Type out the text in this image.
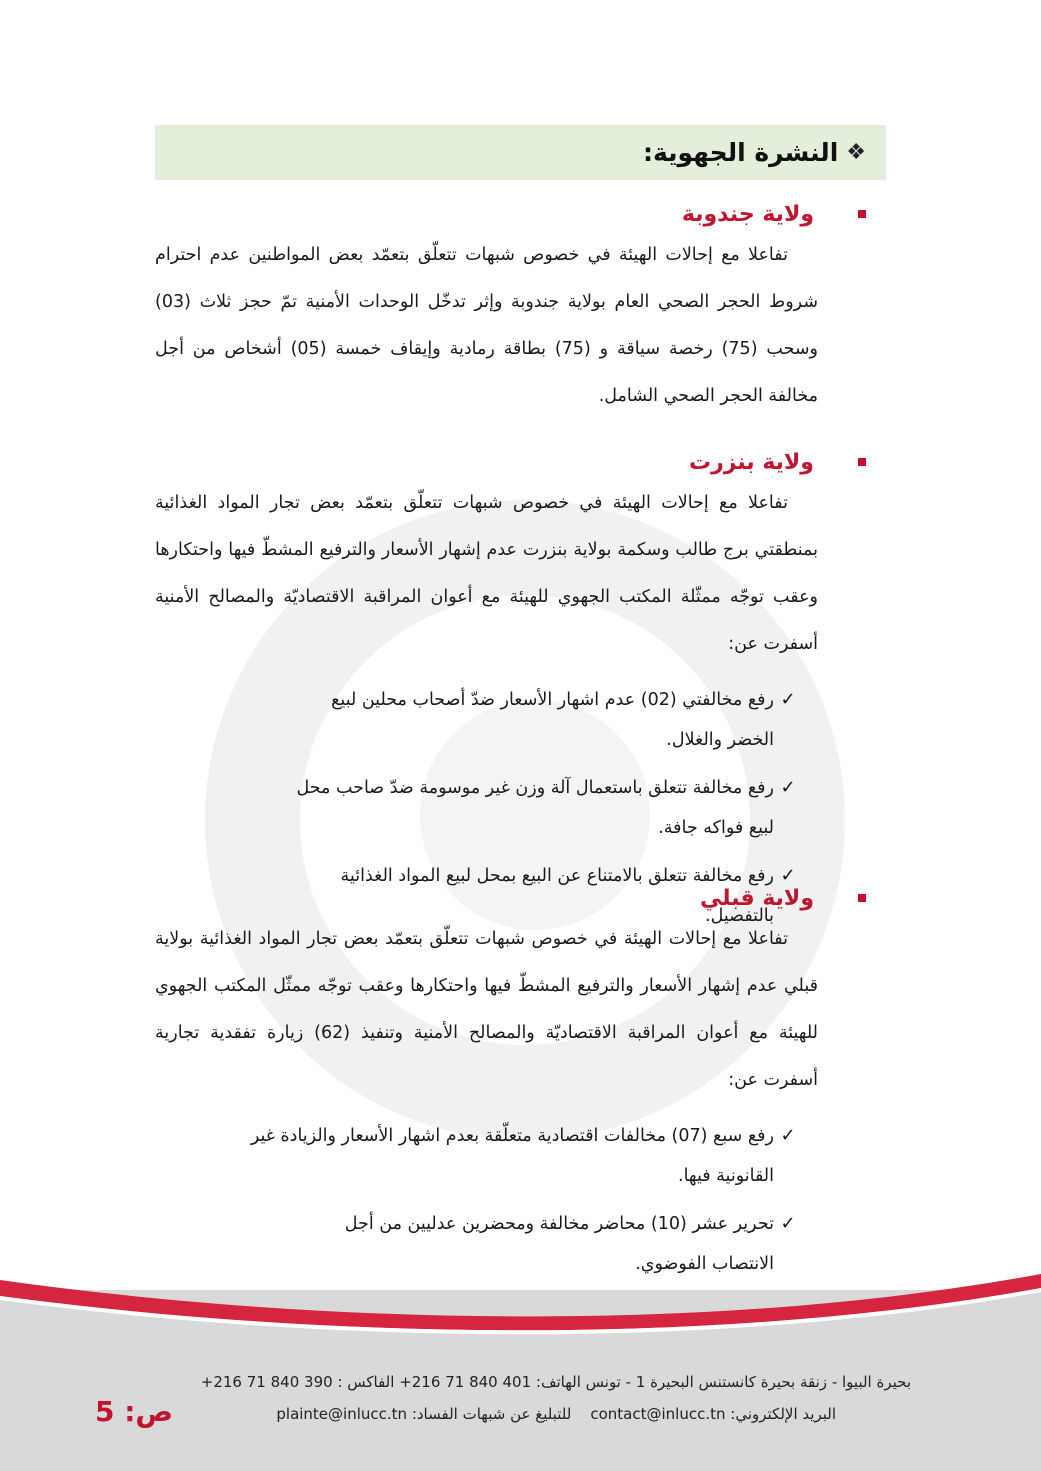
❖
النشرة الجهوية:
ولاية جندوبة

تفاعلا مع إحالات الهيئة في خصوص شبهات تتعلّق بتعمّد بعض المواطنين عدم احترام شروط الحجر الصحي العام بولاية جندوبة وإثر تدخّل الوحدات الأمنية تمّ حجز ثلاث (03) وسحب (75) رخصة سياقة و (75) بطاقة رمادية وإيقاف خمسة (05) أشخاص من أجل مخالفة الحجر الصحي الشامل.

ولاية بنزرت

تفاعلا مع إحالات الهيئة في خصوص شبهات تتعلّق بتعمّد بعض تجار المواد الغذائية بمنطقتي برج طالب وسكمة بولاية بنزرت عدم إشهار الأسعار والترفيع المشطّ فيها واحتكارها وعقب توجّه ممثّلة المكتب الجهوي للهيئة مع أعوان المراقبة الاقتصاديّة والمصالح الأمنية أسفرت عن:

✓
رفع مخالفتي (02) عدم اشهار الأسعار ضدّ أصحاب محلين لبيع الخضر والغلال.
✓
رفع مخالفة تتعلق باستعمال آلة وزن غير موسومة ضدّ صاحب محل لبيع فواكه جافة.
✓
رفع مخالفة تتعلق بالامتناع عن البيع بمحل لبيع المواد الغذائية بالتفصيل.
ولاية قبلي

تفاعلا مع إحالات الهيئة في خصوص شبهات تتعلّق بتعمّد بعض تجار المواد الغذائية بولاية قبلي عدم إشهار الأسعار والترفيع المشطّ فيها واحتكارها وعقب توجّه ممثّل المكتب الجهوي للهيئة مع أعوان المراقبة الاقتصاديّة والمصالح الأمنية وتنفيذ (62) زيارة تفقدية تجارية أسفرت عن:

✓
رفع سبع (07) مخالفات اقتصادية متعلّقة بعدم اشهار الأسعار والزيادة غير القانونية فيها.
✓
تحرير عشر (10) محاضر مخالفة ومحضرين عدليين من أجل الانتصاب الفوضوي.
بحيرة البيوا - زنقة بحيرة كانستنس البحيرة 1 - تونس الهاتف: 401 840 71 216+ الفاكس : 390 840 71 216+
البريد الإلكتروني: contact@inlucc.tn    للتبليغ عن شبهات الفساد: plainte@inlucc.tn
ص: 5
